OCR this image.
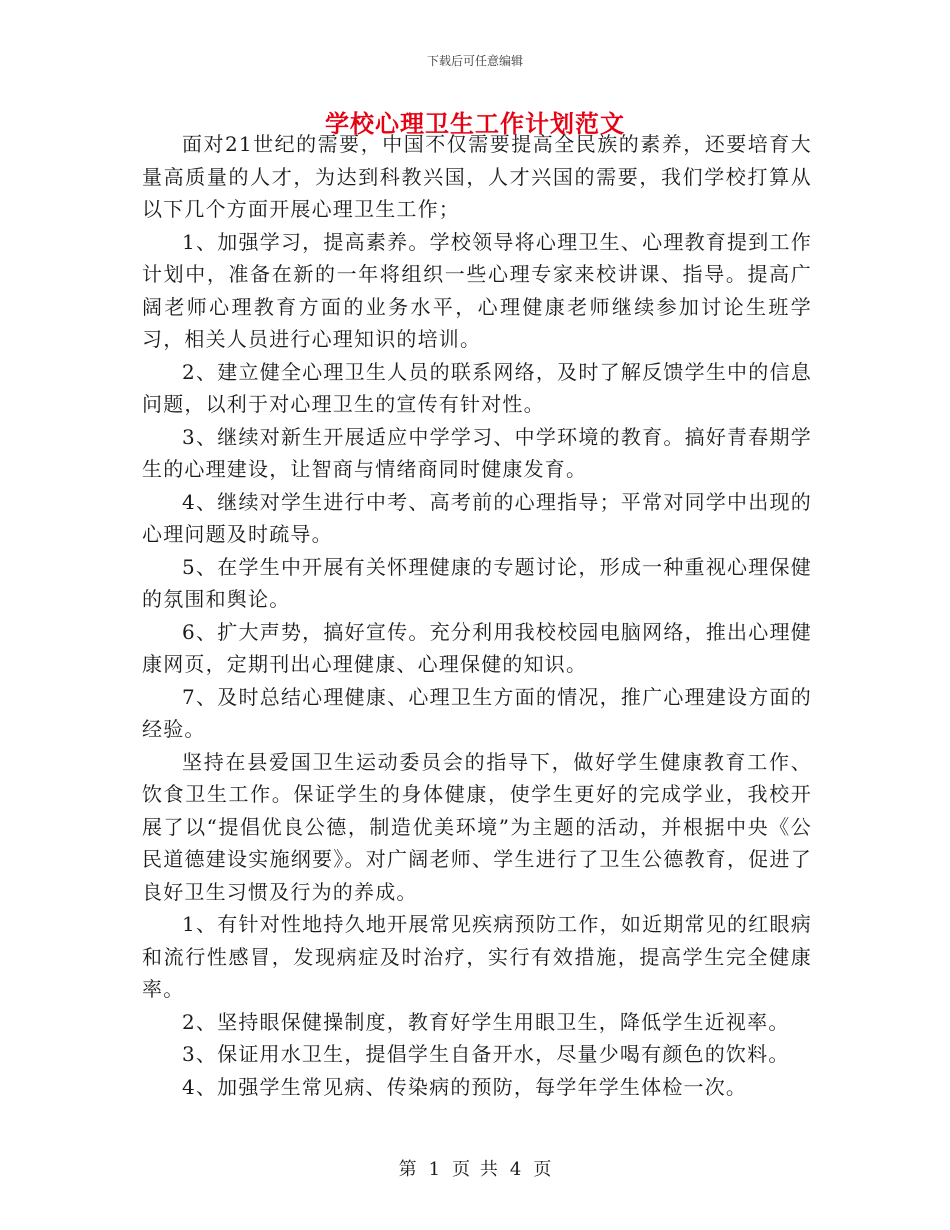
下载后可任意编辑
学校心理卫生工作计划范文

面对21世纪的需要，中国不仅需要提高全民族的素养，还要培育大量高质量的人才，为达到科教兴国，人才兴国的需要，我们学校打算从以下几个方面开展心理卫生工作；

1、加强学习，提高素养。学校领导将心理卫生、心理教育提到工作计划中，准备在新的一年将组织一些心理专家来校讲课、指导。提高广阔老师心理教育方面的业务水平，心理健康老师继续参加讨论生班学习，相关人员进行心理知识的培训。

2、建立健全心理卫生人员的联系网络，及时了解反馈学生中的信息问题，以利于对心理卫生的宣传有针对性。

3、继续对新生开展适应中学学习、中学环境的教育。搞好青春期学生的心理建设，让智商与情绪商同时健康发育。

4、继续对学生进行中考、高考前的心理指导；平常对同学中出现的心理问题及时疏导。

5、在学生中开展有关怀理健康的专题讨论，形成一种重视心理保健的氛围和舆论。

6、扩大声势，搞好宣传。充分利用我校校园电脑网络，推出心理健康网页，定期刊出心理健康、心理保健的知识。

7、及时总结心理健康、心理卫生方面的情况，推广心理建设方面的经验。

坚持在县爱国卫生运动委员会的指导下，做好学生健康教育工作、饮食卫生工作。保证学生的身体健康，使学生更好的完成学业，我校开展了以“提倡优良公德，制造优美环境”为主题的活动，并根据中央《公民道德建设实施纲要》。对广阔老师、学生进行了卫生公德教育，促进了良好卫生习惯及行为的养成。

1、有针对性地持久地开展常见疾病预防工作，如近期常见的红眼病和流行性感冒，发现病症及时治疗，实行有效措施，提高学生完全健康率。

2、坚持眼保健操制度，教育好学生用眼卫生，降低学生近视率。

3、保证用水卫生，提倡学生自备开水，尽量少喝有颜色的饮料。

4、加强学生常见病、传染病的预防，每学年学生体检一次。

第 1 页 共 4 页
